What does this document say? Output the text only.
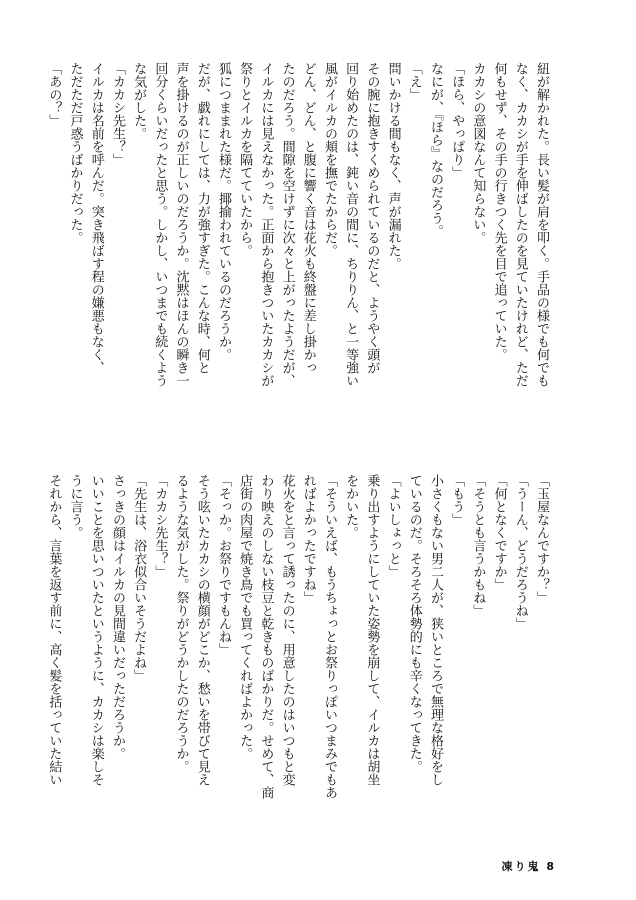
紐が解かれた。長い髪が肩を叩く。手品の様でも何でも
なく、カカシが手を伸ばしたのを見ていたけれど、ただ
何もせず、その手の行きつく先を目で追っていた。
カカシの意図なんて知らない。
「ほら、やっぱり」
なにが、『ほら』なのだろう。
「え」
問いかける間もなく、声が漏れた。
その腕に抱きすくめられているのだと、ようやく頭が
回り始めたのは、鈍い音の間に、ちりりん、と一等強い
風がイルカの頬を撫でたからだ。
どん、どん、と腹に響く音は花火も終盤に差し掛かっ
たのだろう。間隙を空けずに次々と上がったようだが、
イルカには見えなかった。正面から抱きついたカカシが
祭りとイルカを隔てていたから。
狐につままれた様だ。揶揄われているのだろうか。
だが、戯れにしては、力が強すぎた。こんな時、何と
声を掛けるのが正しいのだろうか。沈黙はほんの瞬き一
回分くらいだったと思う。しかし、いつまでも続くよう
な気がした。
「カカシ先生？」
イルカは名前を呼んだ。突き飛ばす程の嫌悪もなく、
ただただ戸惑うばかりだった。
「あの？」
「玉屋なんですか？」
「うーん、どうだろうね」
「何となくですか」
「そうとも言うかもね」
「もう」
小さくもない男二人が、狭いところで無理な格好をし
ているのだ。そろそろ体勢的にも辛くなってきた。
「よいしょっと」
乗り出すようにしていた姿勢を崩して、イルカは胡坐
をかいた。
「そういえば、もうちょっとお祭りっぽいつまみでもあ
ればよかったですね」
花火をと言って誘ったのに、用意したのはいつもと変
わり映えのしない枝豆と乾きものばかりだ。せめて、商
店街の肉屋で焼き鳥でも買ってくればよかった。
「そっか。お祭りですもんね」
そう呟いたカカシの横顔がどこか、愁いを帯びて見え
るような気がした。祭りがどうかしたのだろうか。
「カカシ先生？」
「先生は、浴衣似合いそうだよね」
さっきの顔はイルカの見間違いだっただろうか。
いいことを思いついたというように、カカシは楽しそ
うに言う。
それから、言葉を返す前に、高く髪を括っていた結い
凍り鬼 8
